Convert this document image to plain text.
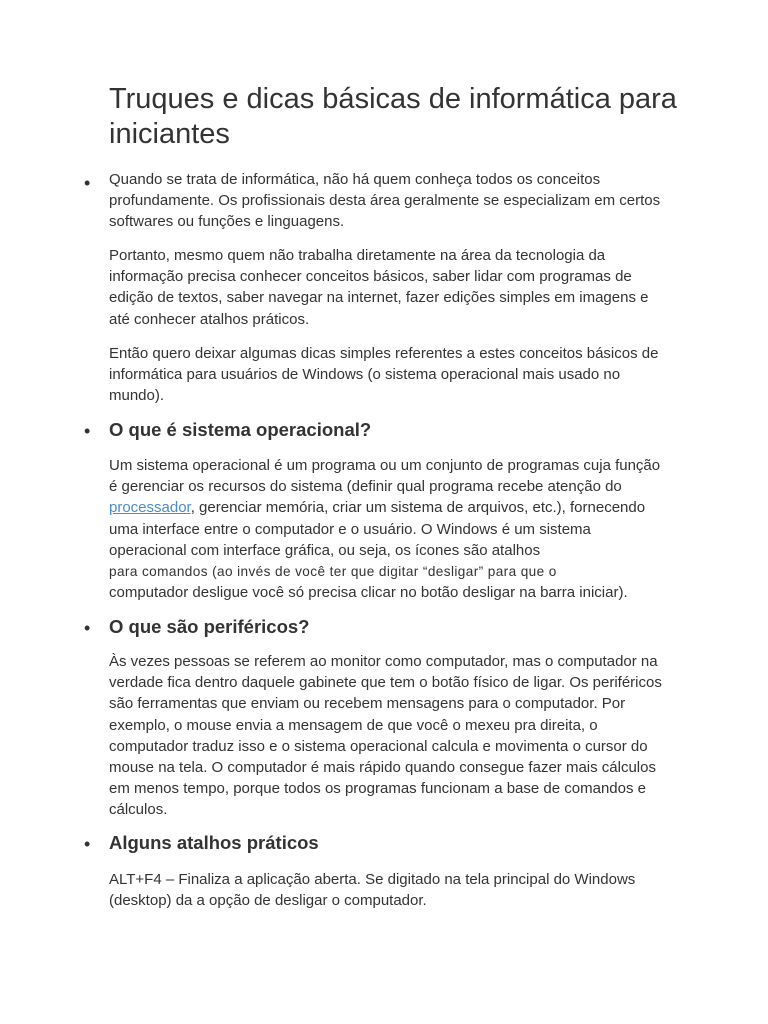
Truques e dicas básicas de informática para iniciantes
• Quando se trata de informática, não há quem conheça todos os conceitos profundamente. Os profissionais desta área geralmente se especializam em certos softwares ou funções e linguagens.

Portanto, mesmo quem não trabalha diretamente na área da tecnologia da informação precisa conhecer conceitos básicos, saber lidar com programas de edição de textos, saber navegar na internet, fazer edições simples em imagens e até conhecer atalhos práticos.

Então quero deixar algumas dicas simples referentes a estes conceitos básicos de informática para usuários de Windows (o sistema operacional mais usado no mundo).

• O que é sistema operacional?

Um sistema operacional é um programa ou um conjunto de programas cuja função é gerenciar os recursos do sistema (definir qual programa recebe atenção do processador, gerenciar memória, criar um sistema de arquivos, etc.), fornecendo uma interface entre o computador e o usuário. O Windows é um sistema operacional com interface gráfica, ou seja, os ícones são atalhos
para comandos (ao invés de você ter que digitar “desligar” para que o
computador desligue você só precisa clicar no botão desligar na barra iniciar).

• O que são periféricos?

Às vezes pessoas se referem ao monitor como computador, mas o computador na verdade fica dentro daquele gabinete que tem o botão físico de ligar. Os periféricos são ferramentas que enviam ou recebem mensagens para o computador. Por exemplo, o mouse envia a mensagem de que você o mexeu pra direita, o computador traduz isso e o sistema operacional calcula e movimenta o cursor do mouse na tela. O computador é mais rápido quando consegue fazer mais cálculos em menos tempo, porque todos os programas funcionam a base de comandos e cálculos.

• Alguns atalhos práticos

ALT+F4 – Finaliza a aplicação aberta. Se digitado na tela principal do Windows (desktop) da a opção de desligar o computador.
